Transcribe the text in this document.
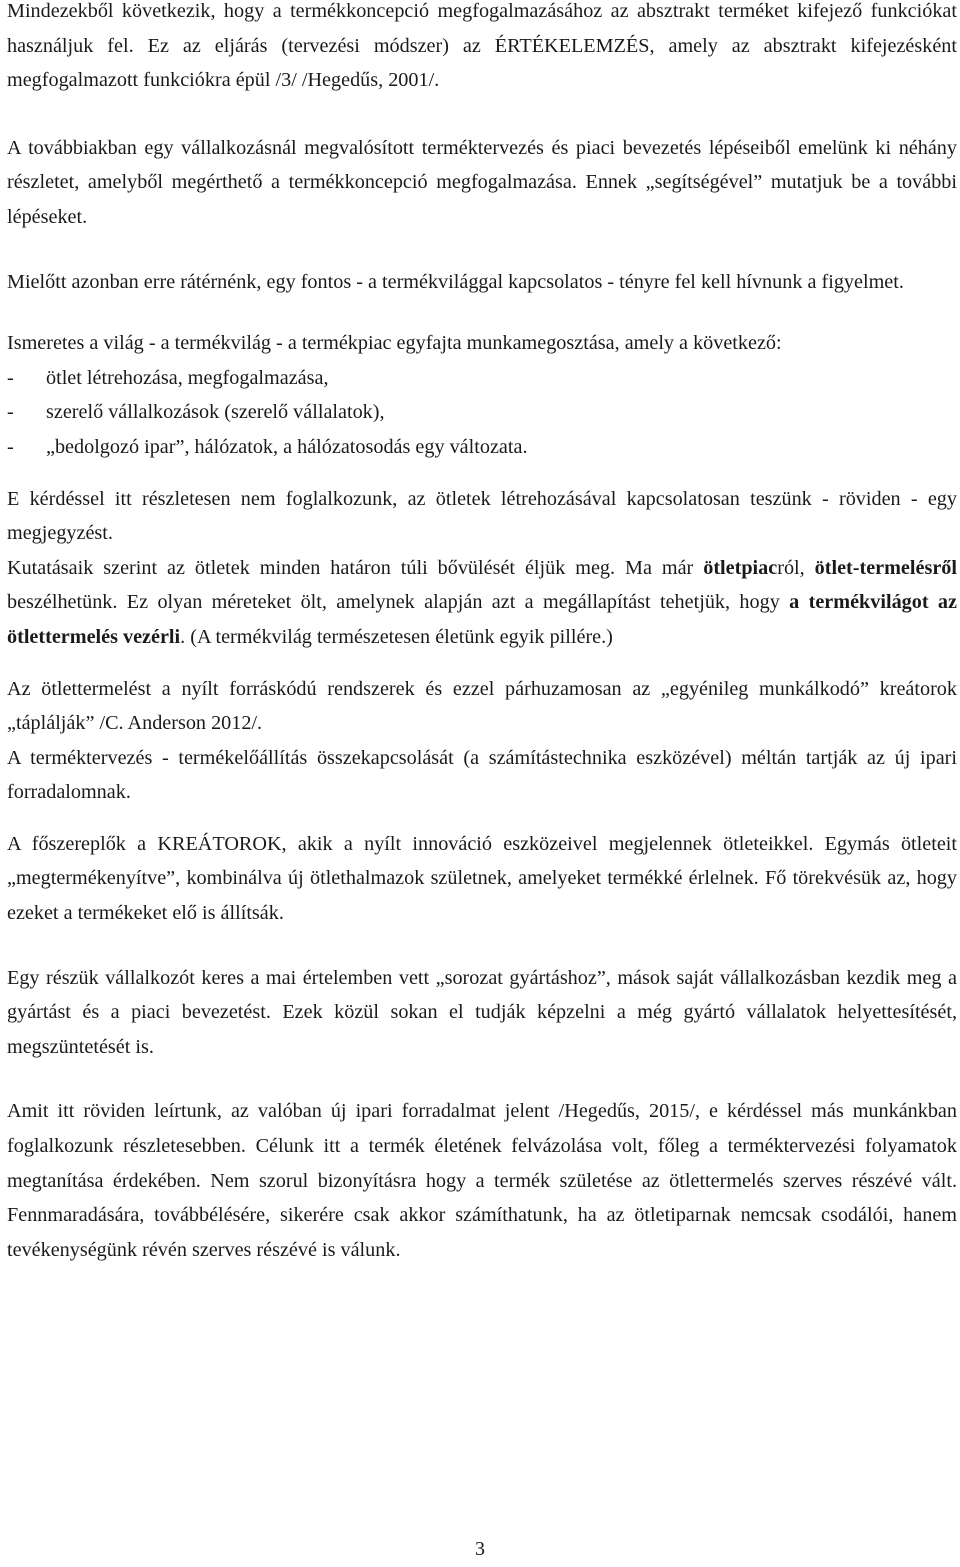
Mindezekből következik, hogy a termékkoncepció megfogalmazásához az absztrakt terméket kifejező funkciókat használjuk fel. Ez az eljárás (tervezési módszer) az ÉRTÉKELEMZÉS, amely az absztrakt kifejezésként megfogalmazott funkciókra épül /3/ /Hegedűs, 2001/.

A továbbiakban egy vállalkozásnál megvalósított terméktervezés és piaci bevezetés lépéseiből emelünk ki néhány részletet, amelyből megérthető a termékkoncepció megfogalmazása. Ennek „segítségével” mutatjuk be a további lépéseket.

Mielőtt azonban erre rátérnénk, egy fontos - a termékvilággal kapcsolatos - tényre fel kell hívnunk a figyelmet.

Ismeretes a világ - a termékvilág - a termékpiac egyfajta munkamegosztása, amely a következő:

- ötlet létrehozása, megfogalmazása,
- szerelő vállalkozások (szerelő vállalatok),
- „bedolgozó ipar”, hálózatok, a hálózatosodás egy változata.

E kérdéssel itt részletesen nem foglalkozunk, az ötletek létrehozásával kapcsolatosan teszünk - röviden - egy megjegyzést.

Kutatásaik szerint az ötletek minden határon túli bővülését éljük meg. Ma már ötletpiacról, ötlet-termelésről beszélhetünk. Ez olyan méreteket ölt, amelynek alapján azt a megállapítást tehetjük, hogy a termékvilágot az ötlettermelés vezérli. (A termékvilág természetesen életünk egyik pillére.)

Az ötlettermelést a nyílt forráskódú rendszerek és ezzel párhuzamosan az „egyénileg munkálkodó” kreátorok „táplálják” /C. Anderson 2012/.

A terméktervezés - termékelőállítás összekapcsolását (a számítástechnika eszközével) méltán tartják az új ipari forradalomnak.

A főszereplők a KREÁTOROK, akik a nyílt innováció eszközeivel megjelennek ötleteikkel. Egymás ötleteit „megtermékenyítve”, kombinálva új ötlethalmazok születnek, amelyeket termékké érlelnek. Fő törekvésük az, hogy ezeket a termékeket elő is állítsák.

Egy részük vállalkozót keres a mai értelemben vett „sorozat gyártáshoz”, mások saját vállalkozásban kezdik meg a gyártást és a piaci bevezetést. Ezek közül sokan el tudják képzelni a még gyártó vállalatok helyettesítését, megszüntetését is.

Amit itt röviden leírtunk, az valóban új ipari forradalmat jelent /Hegedűs, 2015/, e kérdéssel más munkánkban foglalkozunk részletesebben. Célunk itt a termék életének felvázolása volt, főleg a terméktervezési folyamatok megtanítása érdekében. Nem szorul bizonyításra hogy a termék születése az ötlettermelés szerves részévé vált. Fennmaradására, továbbélésére, sikerére csak akkor számíthatunk, ha az ötletiparnak nemcsak csodálói, hanem tevékenységünk révén szerves részévé is válunk.

3
